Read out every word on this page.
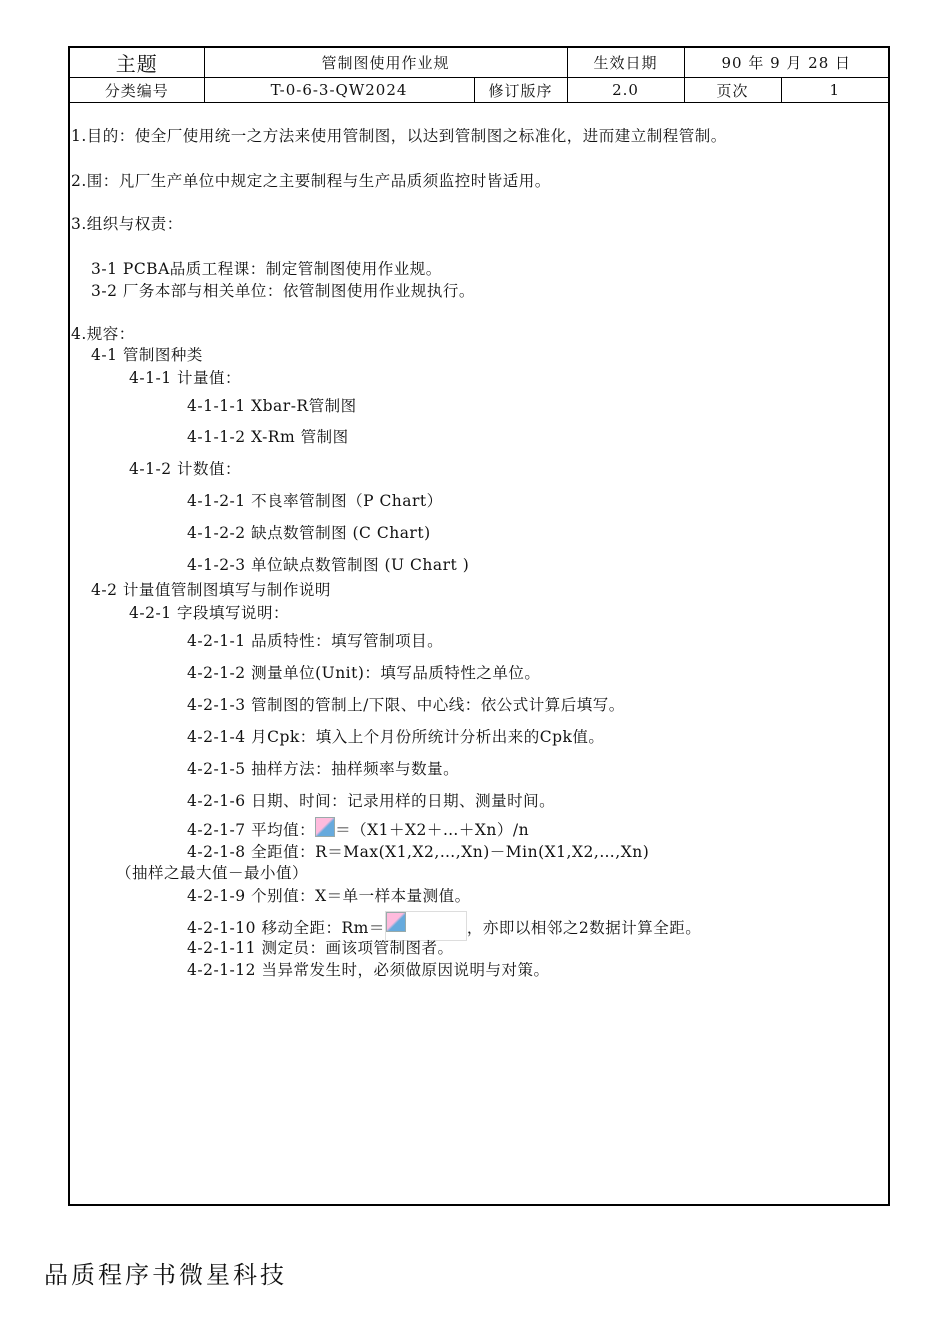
主题	管制图使用作业规		生效日期	90 年 9 月 28 日	
分类编号	T-0-6-3-QW2024	修订版序	2.0	页次	1
1.目的：使全厂使用统一之方法来使用管制图，以达到管制图之标准化，进而建立制程管制。
2.围：凡厂生产单位中规定之主要制程与生产品质须监控时皆适用。
3.组织与权责：
3-1 PCBA品质工程课：制定管制图使用作业规。
3-2 厂务本部与相关单位：依管制图使用作业规执行。
4.规容：
4-1 管制图种类
4-1-1 计量值：
4-1-1-1 Xbar-R管制图
4-1-1-2 X-Rm 管制图
4-1-2 计数值：
4-1-2-1 不良率管制图（P Chart）
4-1-2-2 缺点数管制图 (C Chart)
4-1-2-3 单位缺点数管制图 (U Chart )
4-2 计量值管制图填写与制作说明
4-2-1 字段填写说明：
4-2-1-1 品质特性：填写管制项目。
4-2-1-2 测量单位(Unit)：填写品质特性之单位。
4-2-1-3 管制图的管制上/下限、中心线：依公式计算后填写。
4-2-1-4 月Cpk：填入上个月份所统计分析出来的Cpk值。
4-2-1-5 抽样方法：抽样频率与数量。
4-2-1-6 日期、时间：记录用样的日期、测量时间。
4-2-1-7 平均值： ＝（X1＋X2＋…＋Xn）/n
4-2-1-8 全距值：R＝Max(X1,X2,…,Xn)－Min(X1,X2,…,Xn)
（抽样之最大值－最小值）
4-2-1-9 个别值：X＝单一样本量测值。
4-2-1-10 移动全距：Rm＝	，亦即以相邻之2数据计算全距。
4-2-1-11 测定员：画该项管制图者。
4-2-1-12 当异常发生时，必须做原因说明与对策。
品质程序书微星科技
